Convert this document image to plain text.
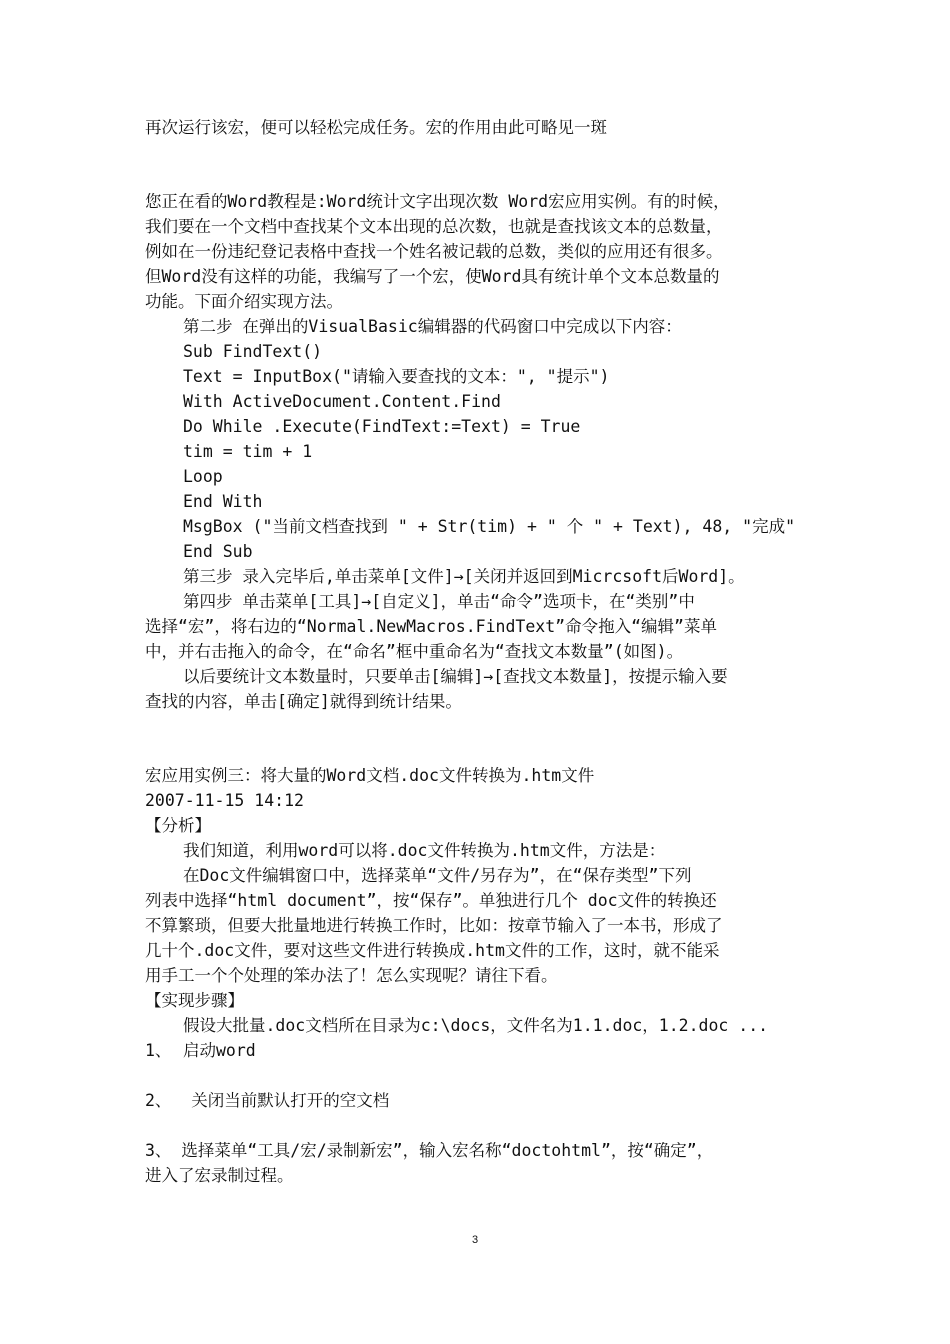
再次运行该宏，便可以轻松完成任务。宏的作用由此可略见一斑
您正在看的Word教程是:Word统计文字出现次数 Word宏应用实例。有的时候，
我们要在一个文档中查找某个文本出现的总次数，也就是查找该文本的总数量，
例如在一份违纪登记表格中查找一个姓名被记载的总数，类似的应用还有很多。
但Word没有这样的功能，我编写了一个宏，使Word具有统计单个文本总数量的
功能。下面介绍实现方法。
第二步 在弹出的VisualBasic编辑器的代码窗口中完成以下内容：
Sub FindText()
Text = InputBox("请输入要查找的文本：", "提示")
With ActiveDocument.Content.Find
Do While .Execute(FindText:=Text) = True
tim = tim + 1
Loop
End With
MsgBox ("当前文档查找到 " + Str(tim) + " 个 " + Text), 48, "完成"
End Sub
第三步 录入完毕后,单击菜单[文件]→[关闭并返回到Micrcsoft后Word]。
第四步 单击菜单[工具]→[自定义]，单击“命令”选项卡，在“类别”中
选择“宏”，将右边的“Normal.NewMacros.FindText”命令拖入“编辑”菜单
中，并右击拖入的命令，在“命名”框中重命名为“查找文本数量”(如图)。
以后要统计文本数量时，只要单击[编辑]→[查找文本数量]，按提示输入要
查找的内容，单击[确定]就得到统计结果。
宏应用实例三：将大量的Word文档.doc文件转换为.htm文件
2007-11-15 14:12
【分析】
我们知道，利用word可以将.doc文件转换为.htm文件，方法是：
在Doc文件编辑窗口中，选择菜单“文件/另存为”，在“保存类型”下列
列表中选择“html document”，按“保存”。单独进行几个 doc文件的转换还
不算繁琐，但要大批量地进行转换工作时，比如：按章节输入了一本书，形成了
几十个.doc文件，要对这些文件进行转换成.htm文件的工作，这时，就不能采
用手工一个个处理的笨办法了！怎么实现呢？请往下看。
【实现步骤】
假设大批量.doc文档所在目录为c:\docs，文件名为1.1.doc，1.2.doc ...
1、 启动word
2、  关闭当前默认打开的空文档
3、 选择菜单“工具/宏/录制新宏”，输入宏名称“doctohtml”，按“确定”，
进入了宏录制过程。
3
